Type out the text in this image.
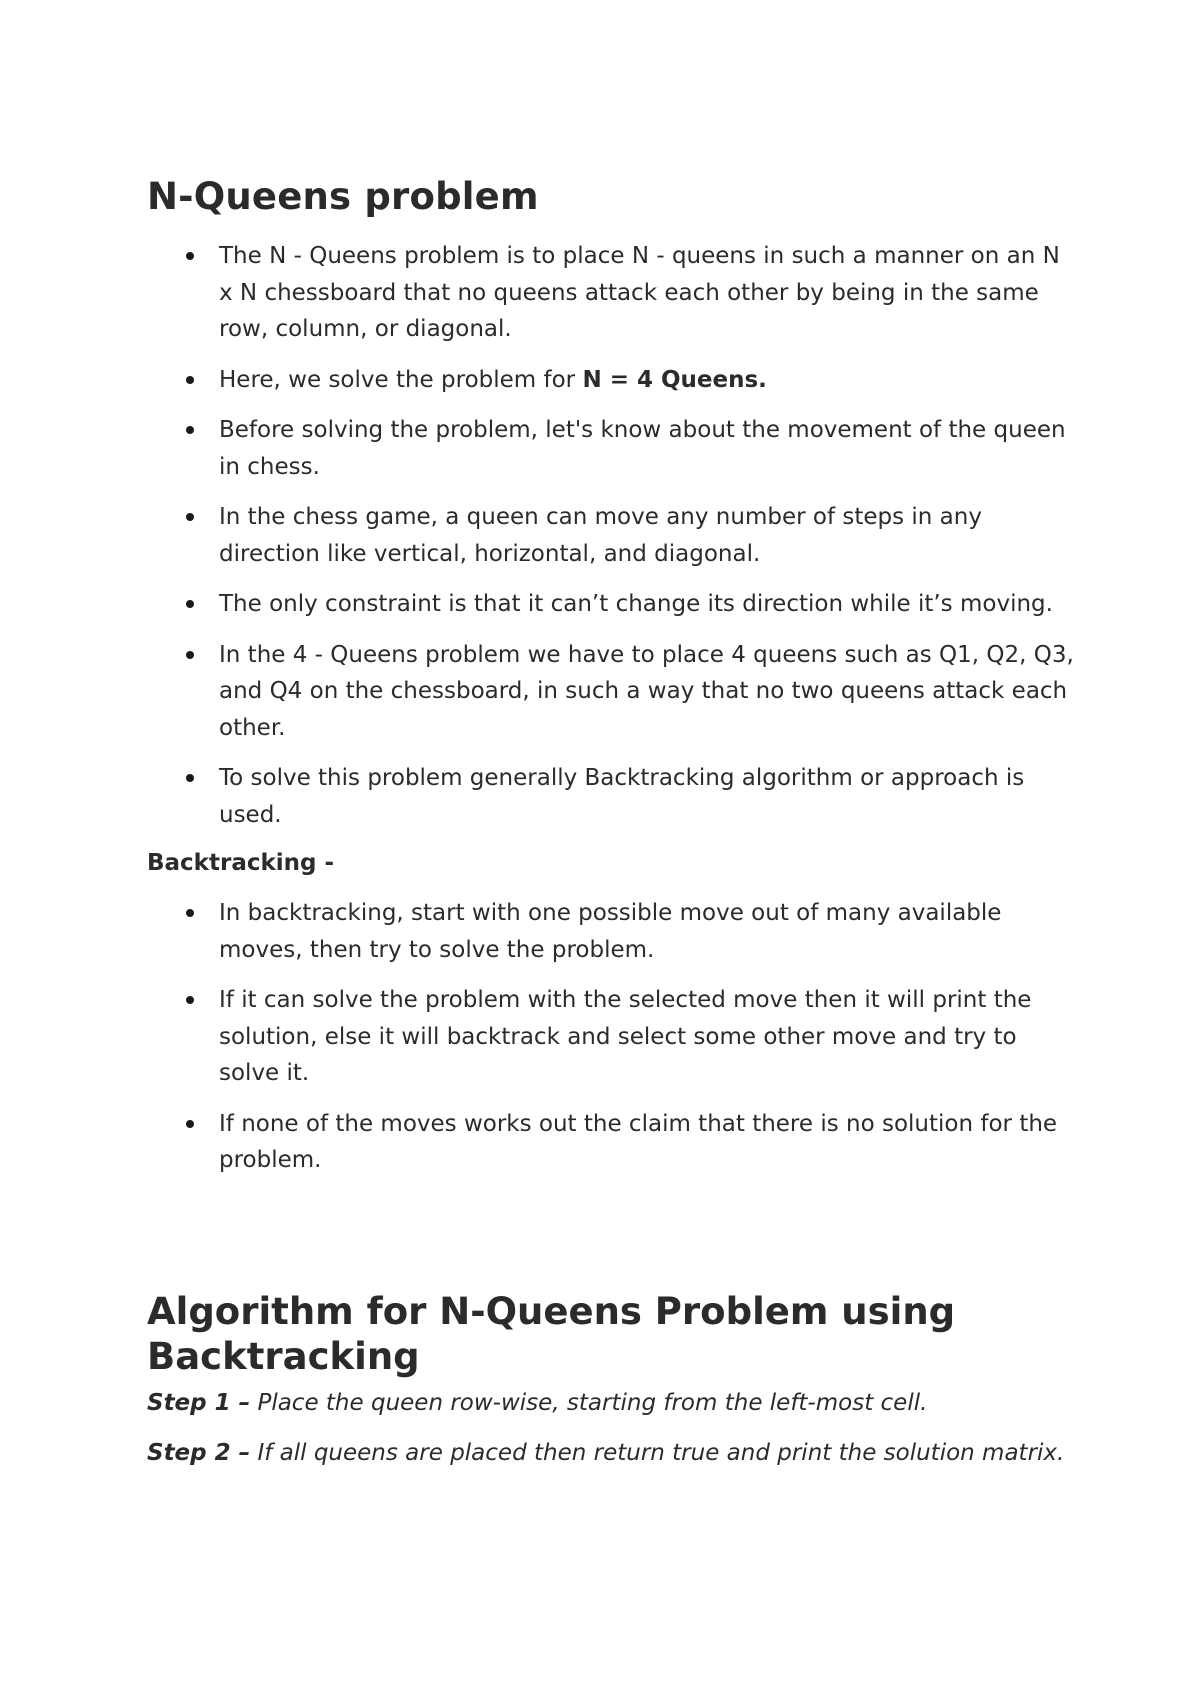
N-Queens problem
The N - Queens problem is to place N - queens in such a manner on an N x N chessboard that no queens attack each other by being in the same row, column, or diagonal.
Here, we solve the problem for N = 4 Queens.
Before solving the problem, let's know about the movement of the queen in chess.
In the chess game, a queen can move any number of steps in any direction like vertical, horizontal, and diagonal.
The only constraint is that it can’t change its direction while it’s moving.
In the 4 - Queens problem we have to place 4 queens such as Q1, Q2, Q3, and Q4 on the chessboard, in such a way that no two queens attack each other.
To solve this problem generally Backtracking algorithm or approach is used.
Backtracking -
In backtracking, start with one possible move out of many available moves, then try to solve the problem.
If it can solve the problem with the selected move then it will print the solution, else it will backtrack and select some other move and try to solve it.
If none of the moves works out the claim that there is no solution for the problem.
·
Algorithm for N-Queens Problem using Backtracking

Step 1 – Place the queen row-wise, starting from the left-most cell.

Step 2 – If all queens are placed then return true and print the solution matrix.
